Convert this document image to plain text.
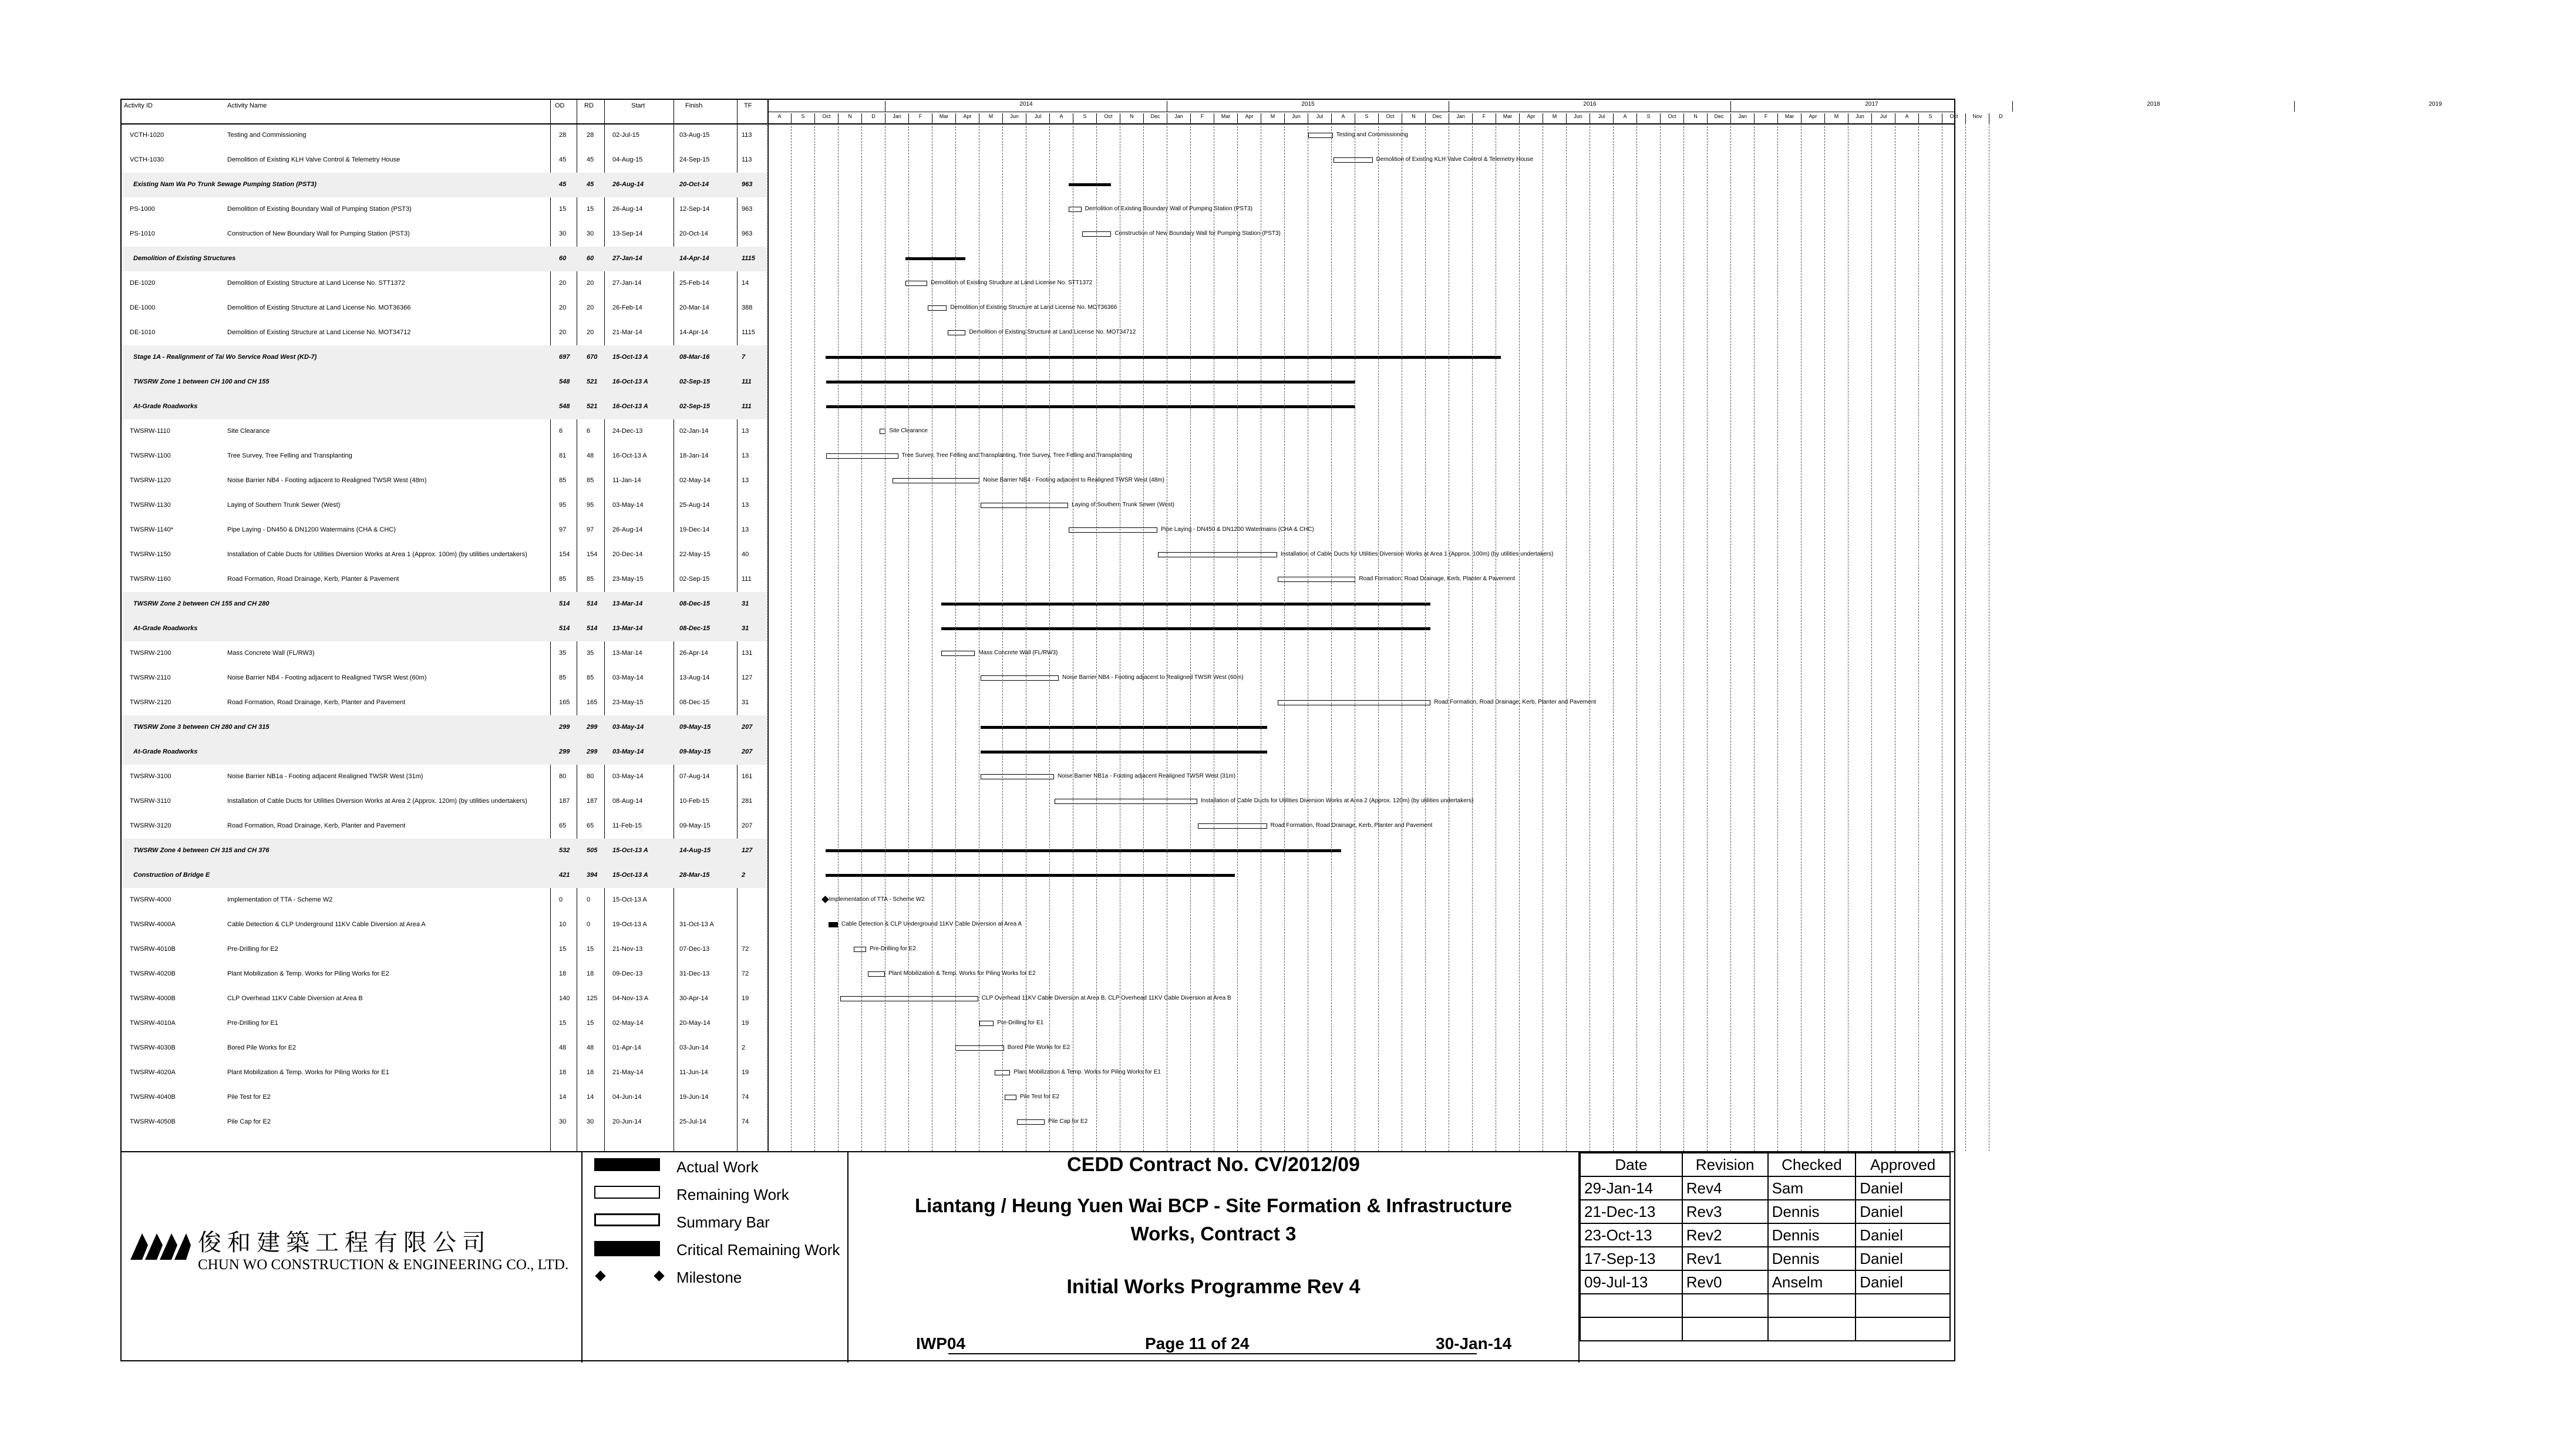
Activity ID	Activity Name	OD	RD	Start	Finish	TF
VCTH-1020	Testing and Commissioning	28	28	02-Jul-15	03-Aug-15	113
VCTH-1030	Demolition of Existing KLH Valve Control & Telemetry House	45	45	04-Aug-15	24-Sep-15	113
Existing Nam Wa Po Trunk Sewage Pumping Station (PST3)	45	45	26-Aug-14	20-Oct-14	963
PS-1000	Demolition of Existing Boundary Wall of Pumping Station (PST3)	15	15	26-Aug-14	12-Sep-14	963
PS-1010	Construction of New Boundary Wall for Pumping Station (PST3)	30	30	13-Sep-14	20-Oct-14	963
Demolition of Existing Structures	60	60	27-Jan-14	14-Apr-14	1115
DE-1020	Demolition of Existing Structure at Land License No. STT1372	20	20	27-Jan-14	25-Feb-14	14
DE-1000	Demolition of Existing Structure at Land License No. MOT36366	20	20	26-Feb-14	20-Mar-14	388
DE-1010	Demolition of Existing Structure at Land License No. MOT34712	20	20	21-Mar-14	14-Apr-14	1115
Stage 1A - Realignment of Tai Wo Service Road West (KD-7)	697	670 15-Oct-13 A	08-Mar-16	7
TWSRW Zone 1 between CH 100 and CH 155	548	521 16-Oct-13 A	02-Sep-15	111
At-Grade Roadworks	548	521 16-Oct-13 A	02-Sep-15	111
TWSRW-1110	Site Clearance	6	6	24-Dec-13	02-Jan-14	13
TWSRW-1100	Tree Survey, Tree Felling and Transplanting	81	48	16-Oct-13 A	18-Jan-14	13
TWSRW-1120	Noise Barrier NB4 - Footing adjacent to Realigned TWSR West (48m)	85	85	11-Jan-14	02-May-14	13
TWSRW-1130	Laying of Southern Trunk Sewer (West)	95	95	03-May-14	25-Aug-14	13
TWSRW-1140*	Pipe Laying - DN450 & DN1200 Watermains (CHA & CHC)	97	97	26-Aug-14	19-Dec-14	13
TWSRW-1150	Installation of Cable Ducts for Utilities Diversion Works at Area 1 (Approx. 100m) (by utilities undertakers)	154	154 20-Dec-14	22-May-15	40
TWSRW-1160	Road Formation, Road Drainage, Kerb, Planter & Pavement	85	85	23-May-15	02-Sep-15	111
TWSRW Zone 2 between CH 155 and CH 280	514	514 13-Mar-14	08-Dec-15	31
At-Grade Roadworks	514	514 13-Mar-14	08-Dec-15	31
TWSRW-2100	Mass Concrete Wall (FL/RW3)	35	35	13-Mar-14	26-Apr-14	131
TWSRW-2110	Noise Barrier NB4 - Footing adjacent to Realigned TWSR West (60m)	85	85	03-May-14	13-Aug-14	127
TWSRW-2120	Road Formation, Road Drainage, Kerb, Planter and Pavement	165	165 23-May-15	08-Dec-15	31
TWSRW Zone 3 between CH 280 and CH 315	299	299 03-May-14	09-May-15	207
At-Grade Roadworks	299	299 03-May-14	09-May-15	207
TWSRW-3100	Noise Barrier NB1a - Footing adjacent Realigned TWSR West (31m)	80	80	03-May-14	07-Aug-14	161
TWSRW-3110	Installation of Cable Ducts for Utilities Diversion Works at Area 2 (Approx. 120m) (by utilities undertakers)	187	187 08-Aug-14	10-Feb-15	281
TWSRW-3120	Road Formation, Road Drainage, Kerb, Planter and Pavement	65	65	11-Feb-15	09-May-15	207
TWSRW Zone 4 between CH 315 and CH 376	532	505 15-Oct-13 A	14-Aug-15	127
Construction of Bridge E	421	394 15-Oct-13 A	28-Mar-15	2
TWSRW-4000	Implementation of TTA - Scheme W2	0	0	15-Oct-13 A
TWSRW-4000A	Cable Detection & CLP Underground 11KV Cable Diversion at Area A	10	0	19-Oct-13 A	31-Oct-13 A
TWSRW-4010B	Pre-Drilling for E2	15	15	21-Nov-13	07-Dec-13	72
TWSRW-4020B	Plant Mobilization & Temp. Works for Piling Works for E2	18	18	09-Dec-13	31-Dec-13	72
TWSRW-4000B	CLP Overhead 11KV Cable Diversion at Area B	140	125 04-Nov-13 A	30-Apr-14	19
TWSRW-4010A	Pre-Drilling for E1	15	15	02-May-14	20-May-14	19
TWSRW-4030B	Bored Pile Works for E2	48	48	01-Apr-14	03-Jun-14	2
TWSRW-4020A	Plant Mobilization & Temp. Works for Piling Works for E1	18	18	21-May-14	11-Jun-14	19
TWSRW-4040B	Pile Test for E2	14	14	04-Jun-14	19-Jun-14	74
TWSRW-4050B	Pile Cap for E2	30	30	20-Jun-14	25-Jul-14	74
2014	2015	2016	2017	2018	2019
A	S	Oct	N	D	Jan	F	Mar	Apr	M	Jun	Jul	A	S	Oct	N	Dec	Jan	F	Mar	Apr	M	Jun	Jul	A	S	Oct	N	Dec	Jan	F	Mar	Apr	M	Jun	Jul	A	S	Oct	N	Dec	Jan	F	Mar	Apr	M	Jun	Jul	A	S	Oct	Nov	D
Testing and Commissioning
Demolition of Existing KLH Valve Control & Telemetry House
Demolition of Existing Boundary Wall of Pumping Station (PST3)
Construction of New Boundary Wall for Pumping Station (PST3)
Demolition of Existing Structure at Land License No. STT1372
Demolition of Existing Structure at Land License No. MOT36366
Demolition of Existing Structure at Land License No. MOT34712
Site Clearance
Tree Survey, Tree Felling and Transplanting, Tree Survey, Tree Felling and Transplanting
Noise Barrier NB4 - Footing adjacent to Realigned TWSR West (48m)
Laying of Southern Trunk Sewer (West)
Pipe Laying - DN450 & DN1200 Watermains (CHA & CHC)
Installation of Cable Ducts for Utilities Diversion Works at Area 1 (Approx. 100m) (by utilities undertakers)
Road Formation, Road Drainage, Kerb, Planter & Pavement
Mass Concrete Wall (FL/RW3)
Noise Barrier NB4 - Footing adjacent to Realigned TWSR West (60m)
Road Formation, Road Drainage, Kerb, Planter and Pavement
Noise Barrier NB1a - Footing adjacent Realigned TWSR West (31m)
Installation of Cable Ducts for Utilities Diversion Works at Area 2 (Approx. 120m) (by utilities undertakers)
Road Formation, Road Drainage, Kerb, Planter and Pavement
Implementation of TTA - Scheme W2
Cable Detection & CLP Underground 11KV Cable Diversion at Area A
Pre-Drilling for E2
Plant Mobilization & Temp. Works for Piling Works for E2
CLP Overhead 11KV Cable Diversion at Area B, CLP Overhead 11KV Cable Diversion at Area B
Pre-Drilling for E1
Bored Pile Works for E2
Plant Mobilization & Temp. Works for Piling Works for E1
Pile Test for E2
Pile Cap for E2
俊和建築工程有限公司
CHUN WO CONSTRUCTION & ENGINEERING CO., LTD.
Actual Work
Remaining Work
Summary Bar
Critical Remaining Work
Milestone
CEDD Contract No. CV/2012/09
Liantang / Heung Yuen Wai BCP - Site Formation & Infrastructure
Works, Contract 3
Initial Works Programme Rev 4
IWP04	Page 11 of 24	30-Jan-14
Date	Revision	Checked	Approved
29-Jan-14	Rev4	Sam	Daniel
21-Dec-13	Rev3	Dennis	Daniel
23-Oct-13	Rev2	Dennis	Daniel
17-Sep-13	Rev1	Dennis	Daniel
09-Jul-13	Rev0	Anselm	Daniel
